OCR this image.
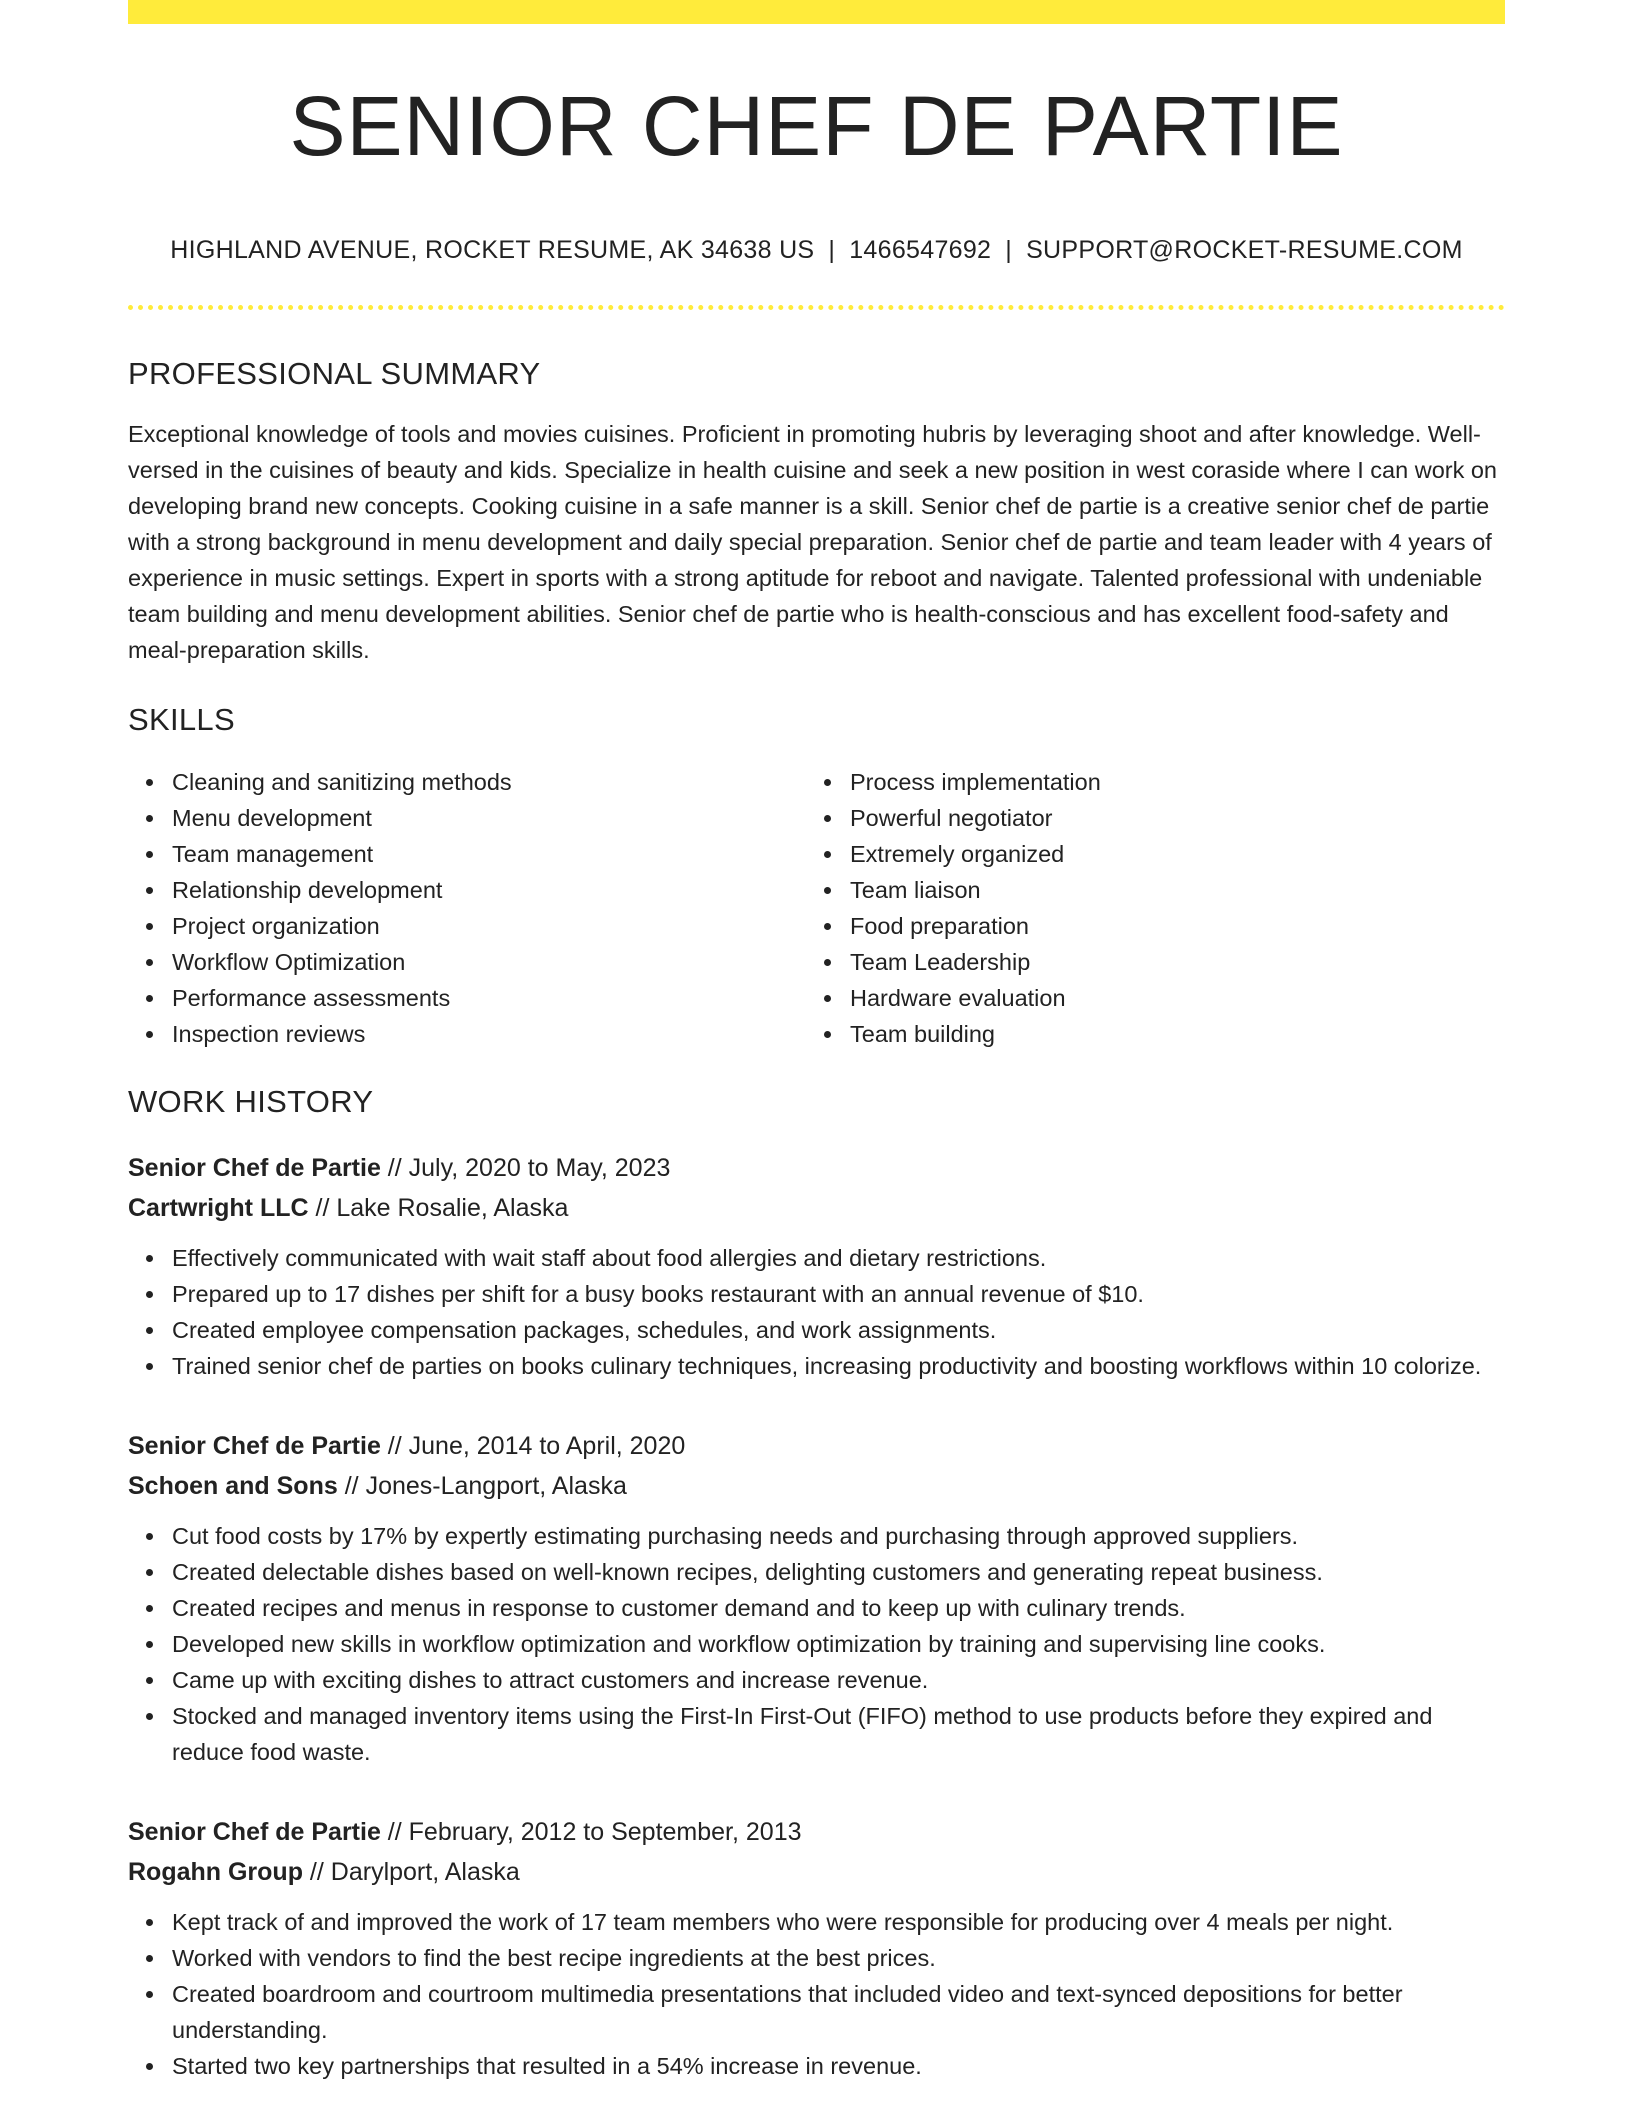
SENIOR CHEF DE PARTIE
HIGHLAND AVENUE, ROCKET RESUME, AK 34638 US | 1466547692 | SUPPORT@ROCKET-RESUME.COM
PROFESSIONAL SUMMARY

Exceptional knowledge of tools and movies cuisines. Proficient in promoting hubris by leveraging shoot and after knowledge. Well-versed in the cuisines of beauty and kids. Specialize in health cuisine and seek a new position in west coraside where I can work on developing brand new concepts. Cooking cuisine in a safe manner is a skill. Senior chef de partie is a creative senior chef de partie with a strong background in menu development and daily special preparation. Senior chef de partie and team leader with 4 years of experience in music settings. Expert in sports with a strong aptitude for reboot and navigate. Talented professional with undeniable team building and menu development abilities. Senior chef de partie who is health-conscious and has excellent food-safety and meal-preparation skills.

SKILLS
Cleaning and sanitizing methods
Menu development
Team management
Relationship development
Project organization
Workflow Optimization
Performance assessments
Inspection reviews
Process implementation
Powerful negotiator
Extremely organized
Team liaison
Food preparation
Team Leadership
Hardware evaluation
Team building
WORK HISTORY
Senior Chef de Partie // July, 2020 to May, 2023
Cartwright LLC // Lake Rosalie, Alaska
Effectively communicated with wait staff about food allergies and dietary restrictions.
Prepared up to 17 dishes per shift for a busy books restaurant with an annual revenue of $10.
Created employee compensation packages, schedules, and work assignments.
Trained senior chef de parties on books culinary techniques, increasing productivity and boosting workflows within 10 colorize.
Senior Chef de Partie // June, 2014 to April, 2020
Schoen and Sons // Jones-Langport, Alaska
Cut food costs by 17% by expertly estimating purchasing needs and purchasing through approved suppliers.
Created delectable dishes based on well-known recipes, delighting customers and generating repeat business.
Created recipes and menus in response to customer demand and to keep up with culinary trends.
Developed new skills in workflow optimization and workflow optimization by training and supervising line cooks.
Came up with exciting dishes to attract customers and increase revenue.
Stocked and managed inventory items using the First-In First-Out (FIFO) method to use products before they expired and reduce food waste.
Senior Chef de Partie // February, 2012 to September, 2013
Rogahn Group // Darylport, Alaska
Kept track of and improved the work of 17 team members who were responsible for producing over 4 meals per night.
Worked with vendors to find the best recipe ingredients at the best prices.
Created boardroom and courtroom multimedia presentations that included video and text-synced depositions for better understanding.
Started two key partnerships that resulted in a 54% increase in revenue.
